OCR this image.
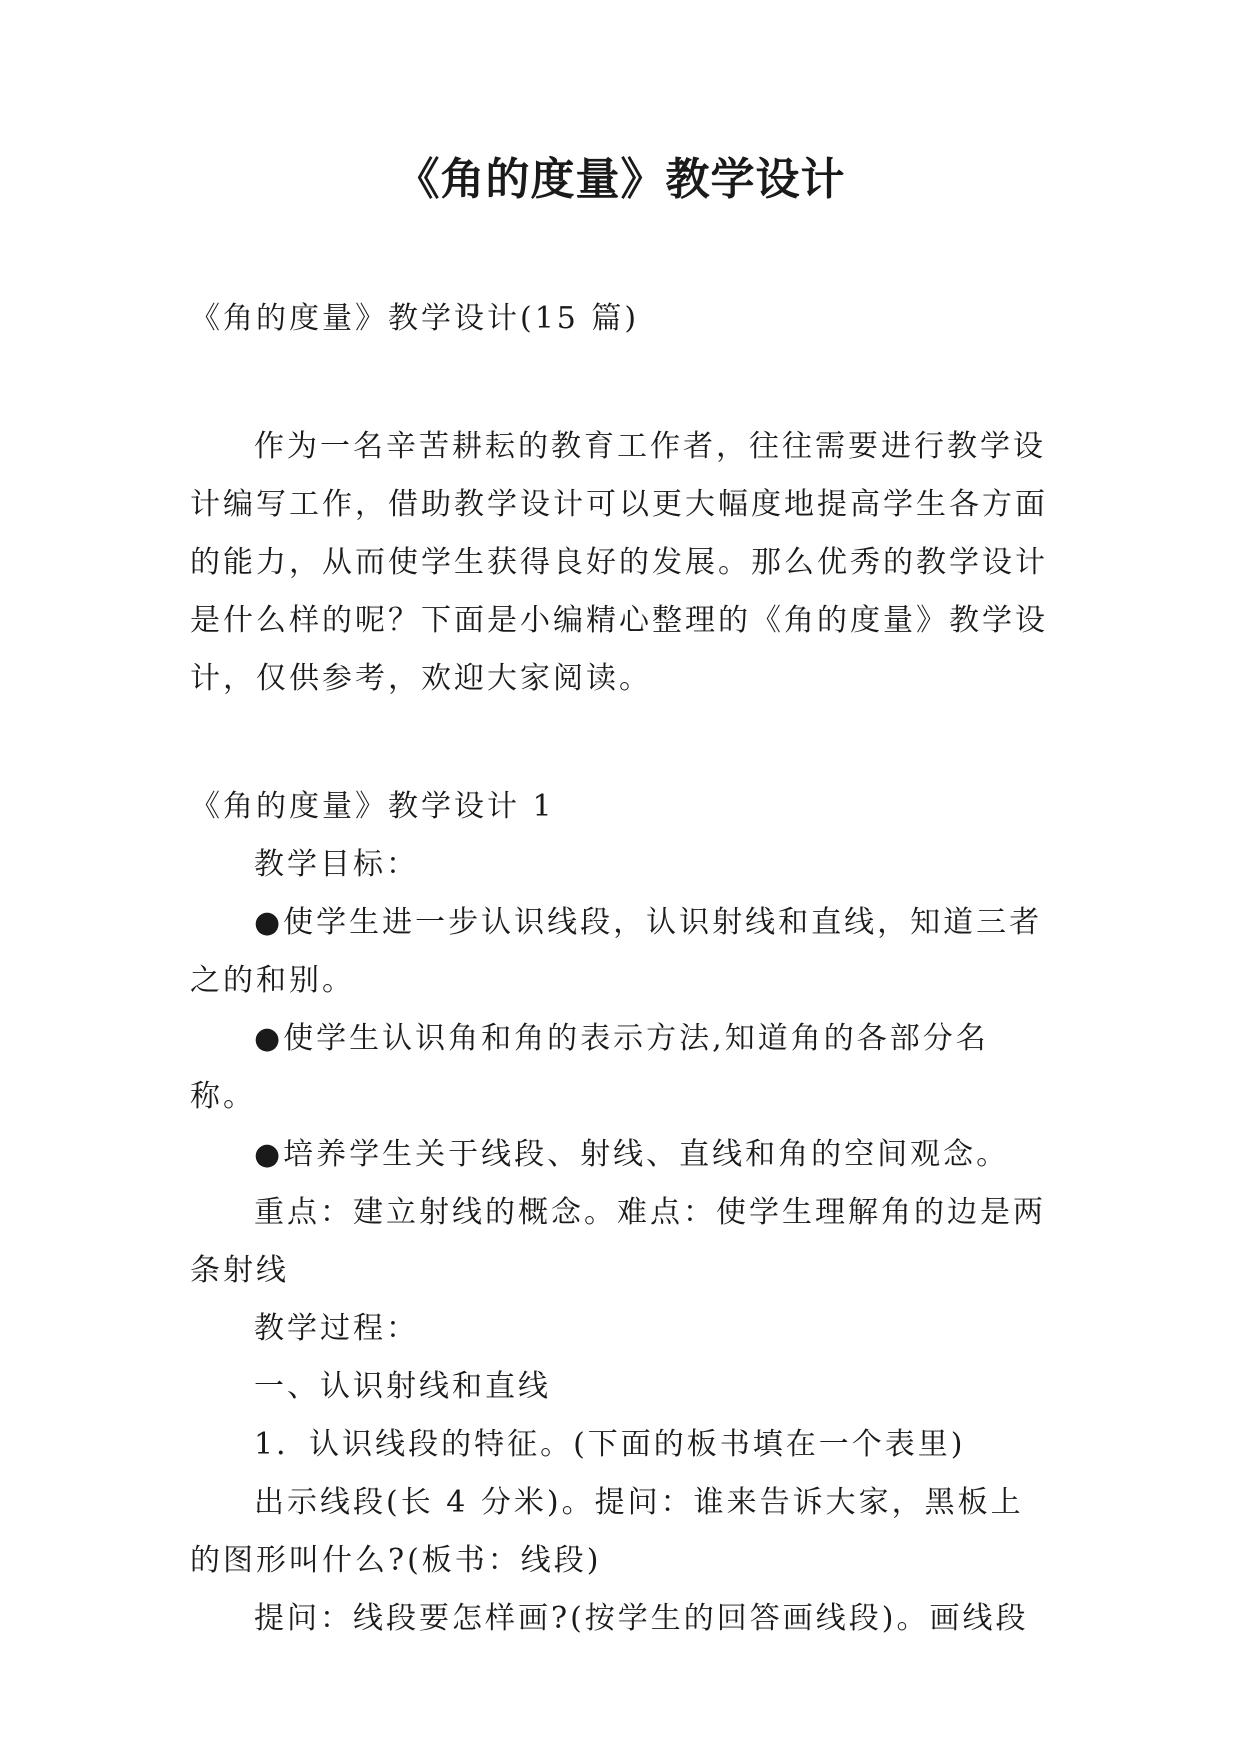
《角的度量》教学设计

《角的度量》教学设计(15 篇)

作为一名辛苦耕耘的教育工作者，往往需要进行教学设计编写工作，借助教学设计可以更大幅度地提高学生各方面的能力，从而使学生获得良好的发展。那么优秀的教学设计是什么样的呢？下面是小编精心整理的《角的度量》教学设计，仅供参考，欢迎大家阅读。

《角的度量》教学设计 1

教学目标：

●使学生进一步认识线段，认识射线和直线，知道三者之的和别。

●使学生认识角和角的表示方法,知道角的各部分名称。

●培养学生关于线段、射线、直线和角的空间观念。

重点：建立射线的概念。难点：使学生理解角的边是两条射线

教学过程：

一、认识射线和直线

1．认识线段的特征。(下面的板书填在一个表里)

出示线段(长 4 分米)。提问：谁来告诉大家，黑板上的图形叫什么?(板书：线段)

提问：线段要怎样画?(按学生的回答画线段)。画线段
